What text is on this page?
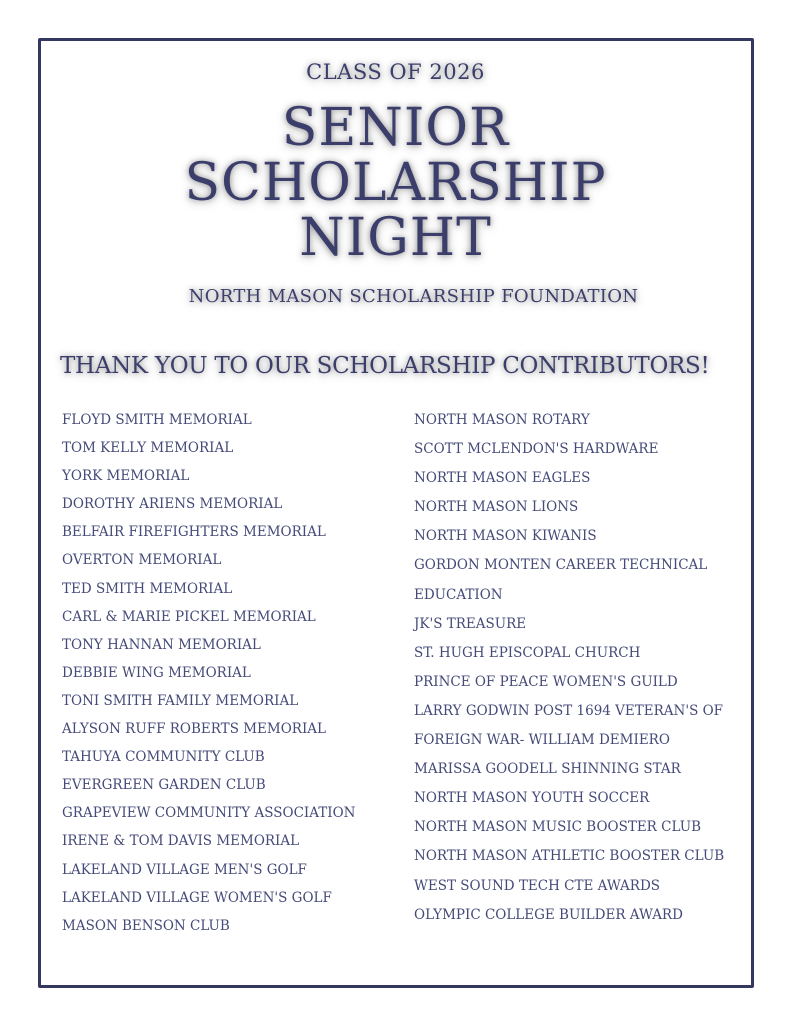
CLASS OF 2026
SENIOR
SCHOLARSHIP
NIGHT
NORTH MASON SCHOLARSHIP FOUNDATION
THANK YOU TO OUR SCHOLARSHIP CONTRIBUTORS!
FLOYD SMITH MEMORIAL
TOM KELLY MEMORIAL
YORK MEMORIAL
DOROTHY ARIENS MEMORIAL
BELFAIR FIREFIGHTERS MEMORIAL
OVERTON MEMORIAL
TED SMITH MEMORIAL
CARL & MARIE PICKEL MEMORIAL
TONY HANNAN MEMORIAL
DEBBIE WING MEMORIAL
TONI SMITH FAMILY MEMORIAL
ALYSON RUFF ROBERTS MEMORIAL
TAHUYA COMMUNITY CLUB
EVERGREEN GARDEN CLUB
GRAPEVIEW COMMUNITY ASSOCIATION
IRENE & TOM DAVIS MEMORIAL
LAKELAND VILLAGE MEN'S GOLF
LAKELAND VILLAGE WOMEN'S GOLF
MASON BENSON CLUB
NORTH MASON ROTARY
SCOTT MCLENDON'S HARDWARE
NORTH MASON EAGLES
NORTH MASON LIONS
NORTH MASON KIWANIS
GORDON MONTEN CAREER TECHNICAL
EDUCATION
JK'S TREASURE
ST. HUGH EPISCOPAL CHURCH
PRINCE OF PEACE WOMEN'S GUILD
LARRY GODWIN POST 1694 VETERAN'S OF
FOREIGN WAR- WILLIAM DEMIERO
MARISSA GOODELL SHINNING STAR
NORTH MASON YOUTH SOCCER
NORTH MASON MUSIC BOOSTER CLUB
NORTH MASON ATHLETIC BOOSTER CLUB
WEST SOUND TECH CTE AWARDS
OLYMPIC COLLEGE BUILDER AWARD
